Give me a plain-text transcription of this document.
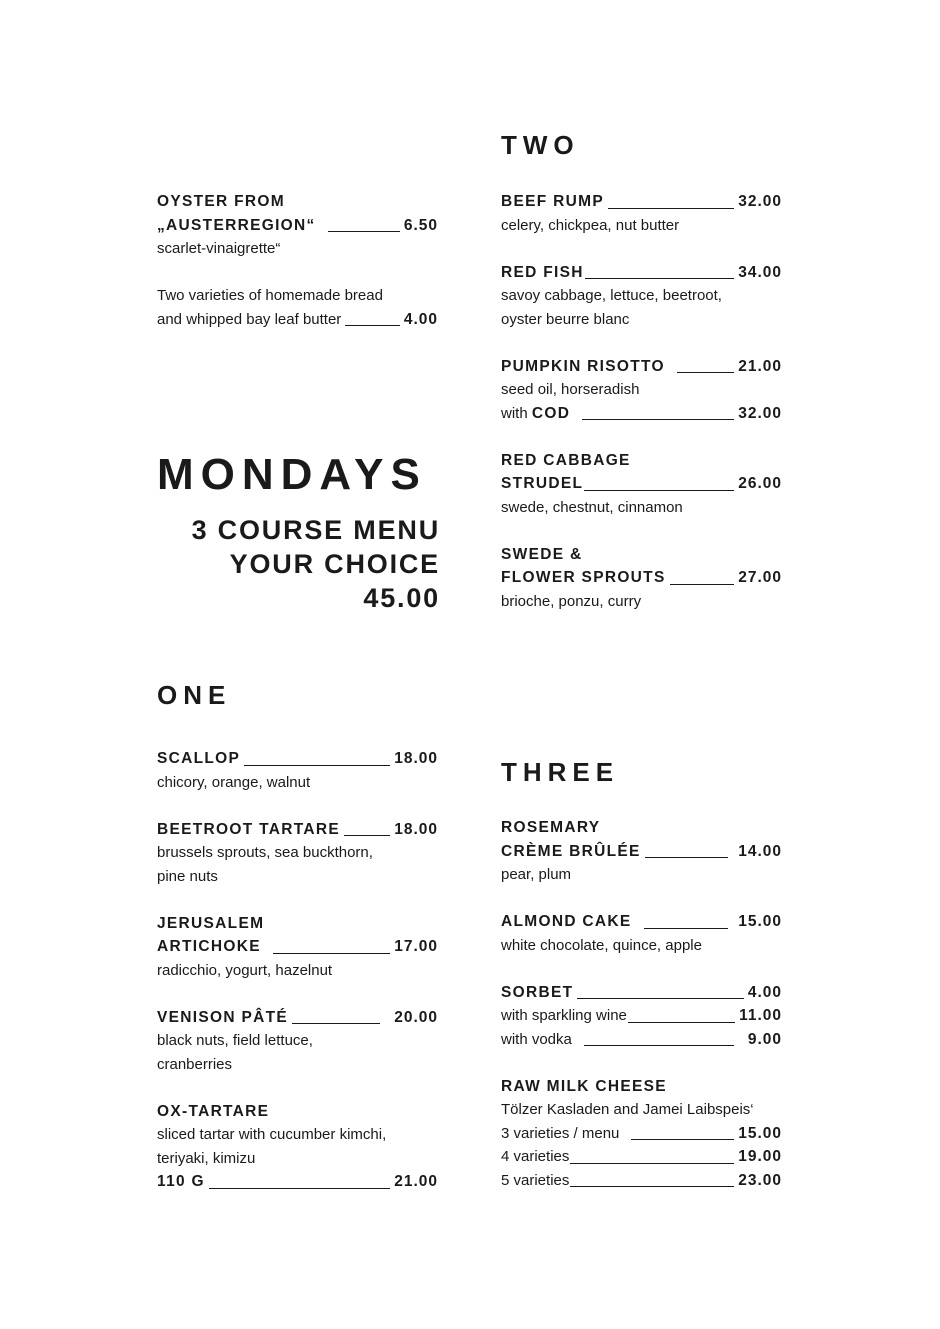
OYSTER FROM
„AUSTERREGION“	6.50
scarlet-vinaigrette“
Two varieties of homemade bread
and whipped bay leaf butter	4.00
MONDAYS
3 COURSE MENU
YOUR CHOICE
45.00
ONE
SCALLOP	18.00
chicory, orange, walnut
BEETROOT TARTARE	18.00
brussels sprouts, sea buckthorn,
pine nuts
JERUSALEM
ARTICHOKE	17.00
radicchio, yogurt, hazelnut
VENISON PÂTÉ	20.00
black nuts, field lettuce,
cranberries
OX-TARTARE
sliced tartar with cucumber kimchi,
teriyaki, kimizu
110 G	21.00
TWO
BEEF RUMP	32.00
celery, chickpea, nut butter
RED FISH	34.00
savoy cabbage, lettuce, beetroot,
oyster beurre blanc
PUMPKIN RISOTTO	21.00
seed oil, horseradish
with
COD	32.00
RED CABBAGE
STRUDEL	26.00
swede, chestnut, cinnamon
SWEDE &
FLOWER SPROUTS	27.00
brioche, ponzu, curry
THREE
ROSEMARY
CRÈME BRÛLÉE	14.00
pear, plum
ALMOND CAKE	15.00
white chocolate, quince, apple
SORBET	4.00
with sparkling wine	11.00
with vodka	9.00
RAW MILK CHEESE
Tölzer Kasladen and Jamei Laibspeis‘
3 varieties / menu	15.00
4 varieties	19.00
5 varieties	23.00
